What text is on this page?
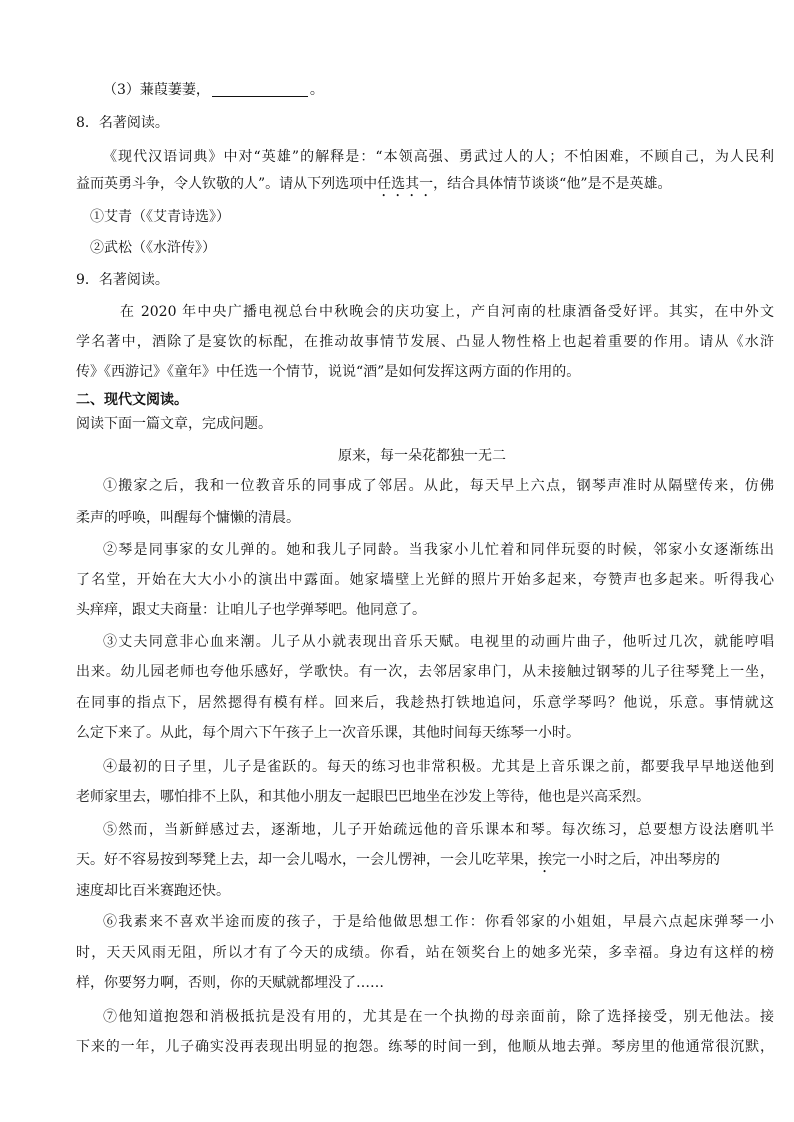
（3）蒹葭萋萋，	。
8．名著阅读。
《现代汉语词典》中对“英雄”的解释是：“本领高强、勇武过人的人；不怕困难，不顾自己，为人民利
益而英勇斗争，令人钦敬的人”。请从下列选项中任选其一，结合具体情节谈谈“他”是不是英雄。
①艾青（《艾青诗选》）
②武松（《水浒传》）
9．名著阅读。
在 2020 年中央广播电视总台中秋晚会的庆功宴上，产自河南的杜康酒备受好评。其实，在中外文
学名著中，酒除了是宴饮的标配，在推动故事情节发展、凸显人物性格上也起着重要的作用。请从《水浒
传》《西游记》《童年》中任选一个情节，说说“酒”是如何发挥这两方面的作用的。
二、现代文阅读。
阅读下面一篇文章，完成问题。
原来，每一朵花都独一无二
①搬家之后，我和一位教音乐的同事成了邻居。从此，每天早上六点，钢琴声准时从隔壁传来，仿佛
柔声的呼唤，叫醒每个慵懒的清晨。
②琴是同事家的女儿弹的。她和我儿子同龄。当我家小儿忙着和同伴玩耍的时候，邻家小女逐渐练出
了名堂，开始在大大小小的演出中露面。她家墙壁上光鲜的照片开始多起来，夸赞声也多起来。听得我心
头痒痒，跟丈夫商量：让咱儿子也学弹琴吧。他同意了。
③丈夫同意非心血来潮。儿子从小就表现出音乐天赋。电视里的动画片曲子，他听过几次，就能哼唱
出来。幼儿园老师也夸他乐感好，学歌快。有一次，去邻居家串门，从未接触过钢琴的儿子往琴凳上一坐，
在同事的指点下，居然摁得有模有样。回来后，我趁热打铁地追问，乐意学琴吗？他说，乐意。事情就这
么定下来了。从此，每个周六下午孩子上一次音乐课，其他时间每天练琴一小时。
④最初的日子里，儿子是雀跃的。每天的练习也非常积极。尤其是上音乐课之前，都要我早早地送他到
老师家里去，哪怕排不上队，和其他小朋友一起眼巴巴地坐在沙发上等待，他也是兴高采烈。
⑤然而，当新鲜感过去，逐渐地，儿子开始疏远他的音乐课本和琴。每次练习，总要想方设法磨叽半
天。好不容易按到琴凳上去，却一会儿喝水，一会儿愣神，一会儿吃苹果，挨完一小时之后，冲出琴房的
速度却比百米赛跑还快。
⑥我素来不喜欢半途而废的孩子，于是给他做思想工作：你看邻家的小姐姐，早晨六点起床弹琴一小
时，天天风雨无阻，所以才有了今天的成绩。你看，站在领奖台上的她多光荣，多幸福。身边有这样的榜
样，你要努力啊，否则，你的天赋就都埋没了……
⑦他知道抱怨和消极抵抗是没有用的，尤其是在一个执拗的母亲面前，除了选择接受，别无他法。接
下来的一年，儿子确实没再表现出明显的抱怨。练琴的时间一到，他顺从地去弹。琴房里的他通常很沉默，
